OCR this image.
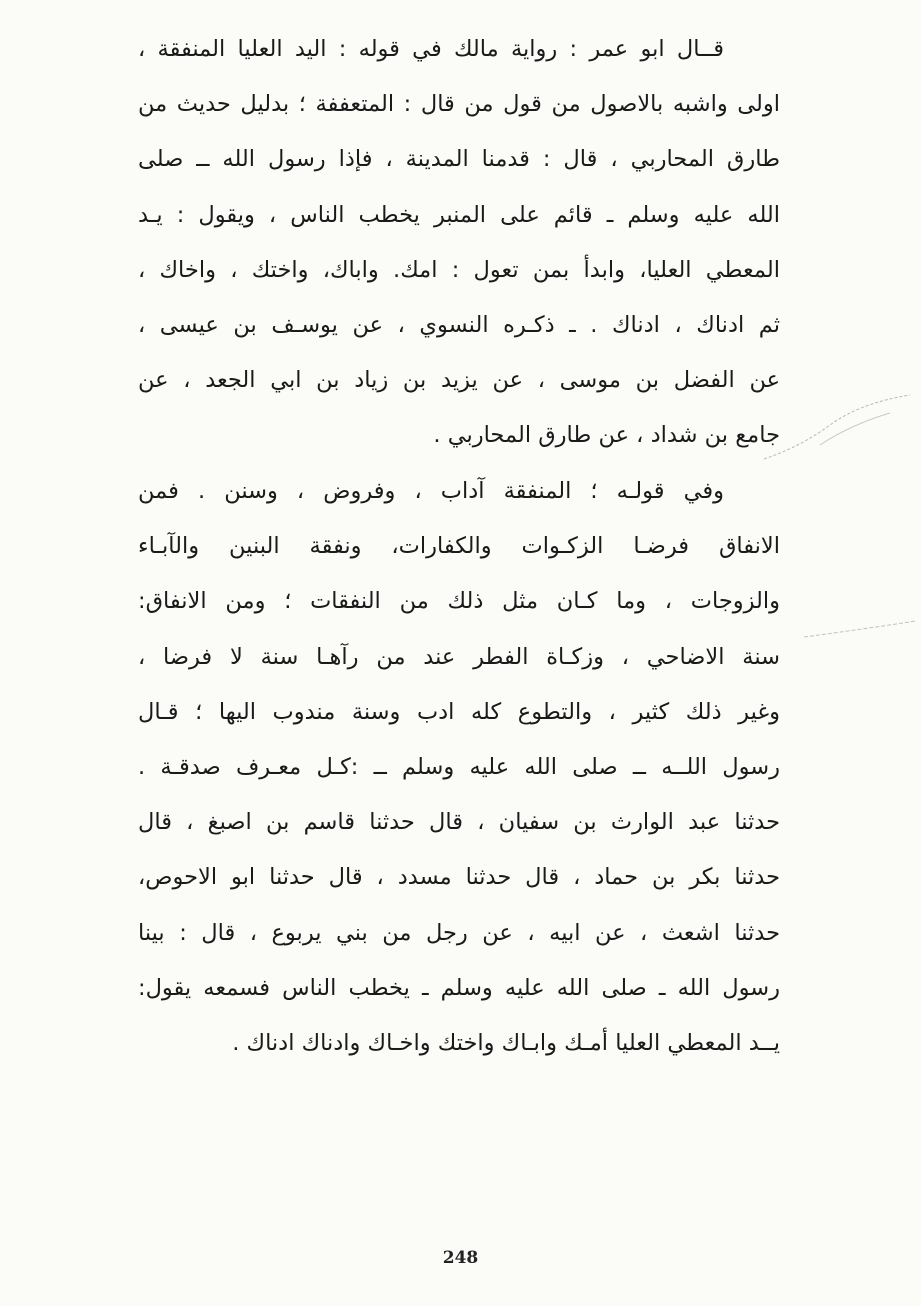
قــال ابو عمر : رواية مالك في قوله : اليد العليا المنفقة ،
اولى واشبه بالاصول من قول من قال : المتعففة ؛ بدليل حديث من
طارق المحاربي ، قال : قدمنا المدينة ، فإذا رسول الله ــ صلى
الله عليه وسلم ـ قائم على المنبر يخطب الناس ، ويقول : يـد
المعطي العليا، وابدأ بمن تعول : امك. واباك، واختك ، واخاك ،
ثم ادناك ، ادناك . ـ ذكـره النسوي ، عن يوسـف بن عيسى ،
عن الفضل بن موسى ، عن يزيد بن زياد بن ابي الجعد ، عن
جامع بن شداد ، عن طارق المحاربي .
وفي قولـه ؛ المنفقة آداب ، وفروض ، وسنن . فمن
الانفاق فرضـا الزكـوات والكفارات، ونفقة البنين والآبـاء
والزوجات ، وما كـان مثل ذلك من النفقات ؛ ومن الانفاق:
سنة الاضاحي ، وزكـاة الفطر عند من رآهـا سنة لا فرضا ،
وغير ذلك كثير ، والتطوع كله ادب وسنة مندوب اليها ؛ قـال
رسول اللــه ــ صلى الله عليه وسلم ــ :كـل معـرف صدقـة .
حدثنا عبد الوارث بن سفيان ، قال حدثنا قاسم بن اصبغ ، قال
حدثنا بكر بن حماد ، قال حدثنا مسدد ، قال حدثنا ابو الاحوص،
حدثنا اشعث ، عن ابيه ، عن رجل من بني يربوع ، قال : بينا
رسول الله ـ صلى الله عليه وسلم ـ يخطب الناس فسمعه يقول:
يــد المعطي العليا أمـك وابـاك واختك واخـاك وادناك ادناك .
248
